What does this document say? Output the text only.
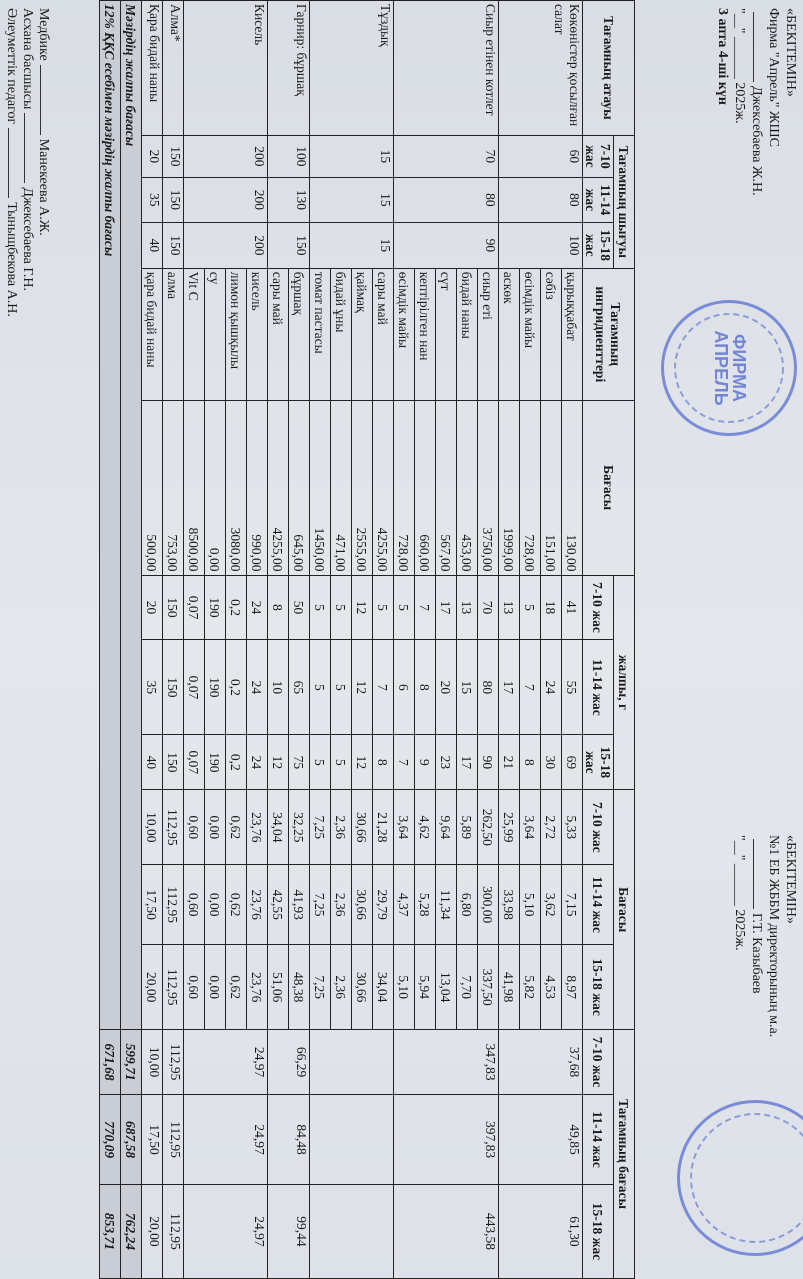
ФИРМА АПРЕЛЬ
«БЕКІТЕМІН»
Фирма "Апрель" ЖШС
Джексебаева Ж.Н.
"__" ______ 2025ж.
3 апта 4-ші күн
«БЕКІТЕМІН»
№1 ЕБ ЖББМ директорының м.а.
Г.Т. Казыбаев
"__" ______ 2025ж.
Тағамның атауы	Тағамның шығуы			Тағамның ингридиенттері	Бағасы	жалпы, г			Бағасы			Тағамның бағасы		
	7-10 жас	11-14 жас	15-18 жас			7-10 жас	11-14 жас	15-18 жас	7-10 жас	11-14 жас	15-18 жас	7-10 жас	11-14 жас	15-18 жас
Көкөністер қосылған салат	60	80	100	қырыққабат	130,00	41	55	69	5,33	7,15	8,97	37,68	49,85	61,30
				сәбіз	151,00	18	24	30	2,72	3,62	4,53			
				өсімдік майы	728,00	5	7	8	3,64	5,10	5,82			
				аскөк	1999,00	13	17	21	25,99	33,98	41,98			
Сиыр етінен котлет	70	80	90	сиыр еті	3750,00	70	80	90	262,50	300,00	337,50	347,83	397,83	443,58
				бидай наны	453,00	13	15	17	5,89	6,80	7,70			
				сүт	567,00	17	20	23	9,64	11,34	13,04			
				кептірілген нан	660,00	7	8	9	4,62	5,28	5,94			
				өсімдік майы	728,00	5	6	7	3,64	4,37	5,10			
Тұздық	15	15	15	сары май	4255,00	5	7	8	21,28	29,79	34,04			
				қаймақ	2555,00	12	12	12	30,66	30,66	30,66			
				бидай ұны	471,00	5	5	5	2,36	2,36	2,36			
				томат пастасы	1450,00	5	5	5	7,25	7,25	7,25			
Гарнир: бұршақ	100	130	150	бұршақ	645,00	50	65	75	32,25	41,93	48,38	66,29	84,48	99,44
				сары май	4255,00	8	10	12	34,04	42,55	51,06			
Кисель	200	200	200	кисель	990,00	24	24	24	23,76	23,76	23,76	24,97	24,97	24,97
				лимон қышқылы	3080,00	0,2	0,2	0,2	0,62	0,62	0,62			
				су	0,00	190	190	190	0,00	0,00	0,00			
				Vit C	8500,00	0,07	0,07	0,07	0,60	0,60	0,60			
Алма*	150	150	150	алма	753,00	150	150	150	112,95	112,95	112,95	112,95	112,95	112,95
Қара бидай наны	20	35	40	қара бидай наны	500,00	20	35	40	10,00	17,50	20,00	10,00	17,50	20,00
Мәзірдің жалпы бағасы												599,71	687,58	762,24
12% ҚҚС есебімен мәзірдің жалпы бағасы												671,68	770,09	853,71
МедбикеМанекеева А.Ж.
Асхана басшысыДжексебаева Г.Н.
Әлеуметтік педагогТыныщбекова А.Н.
